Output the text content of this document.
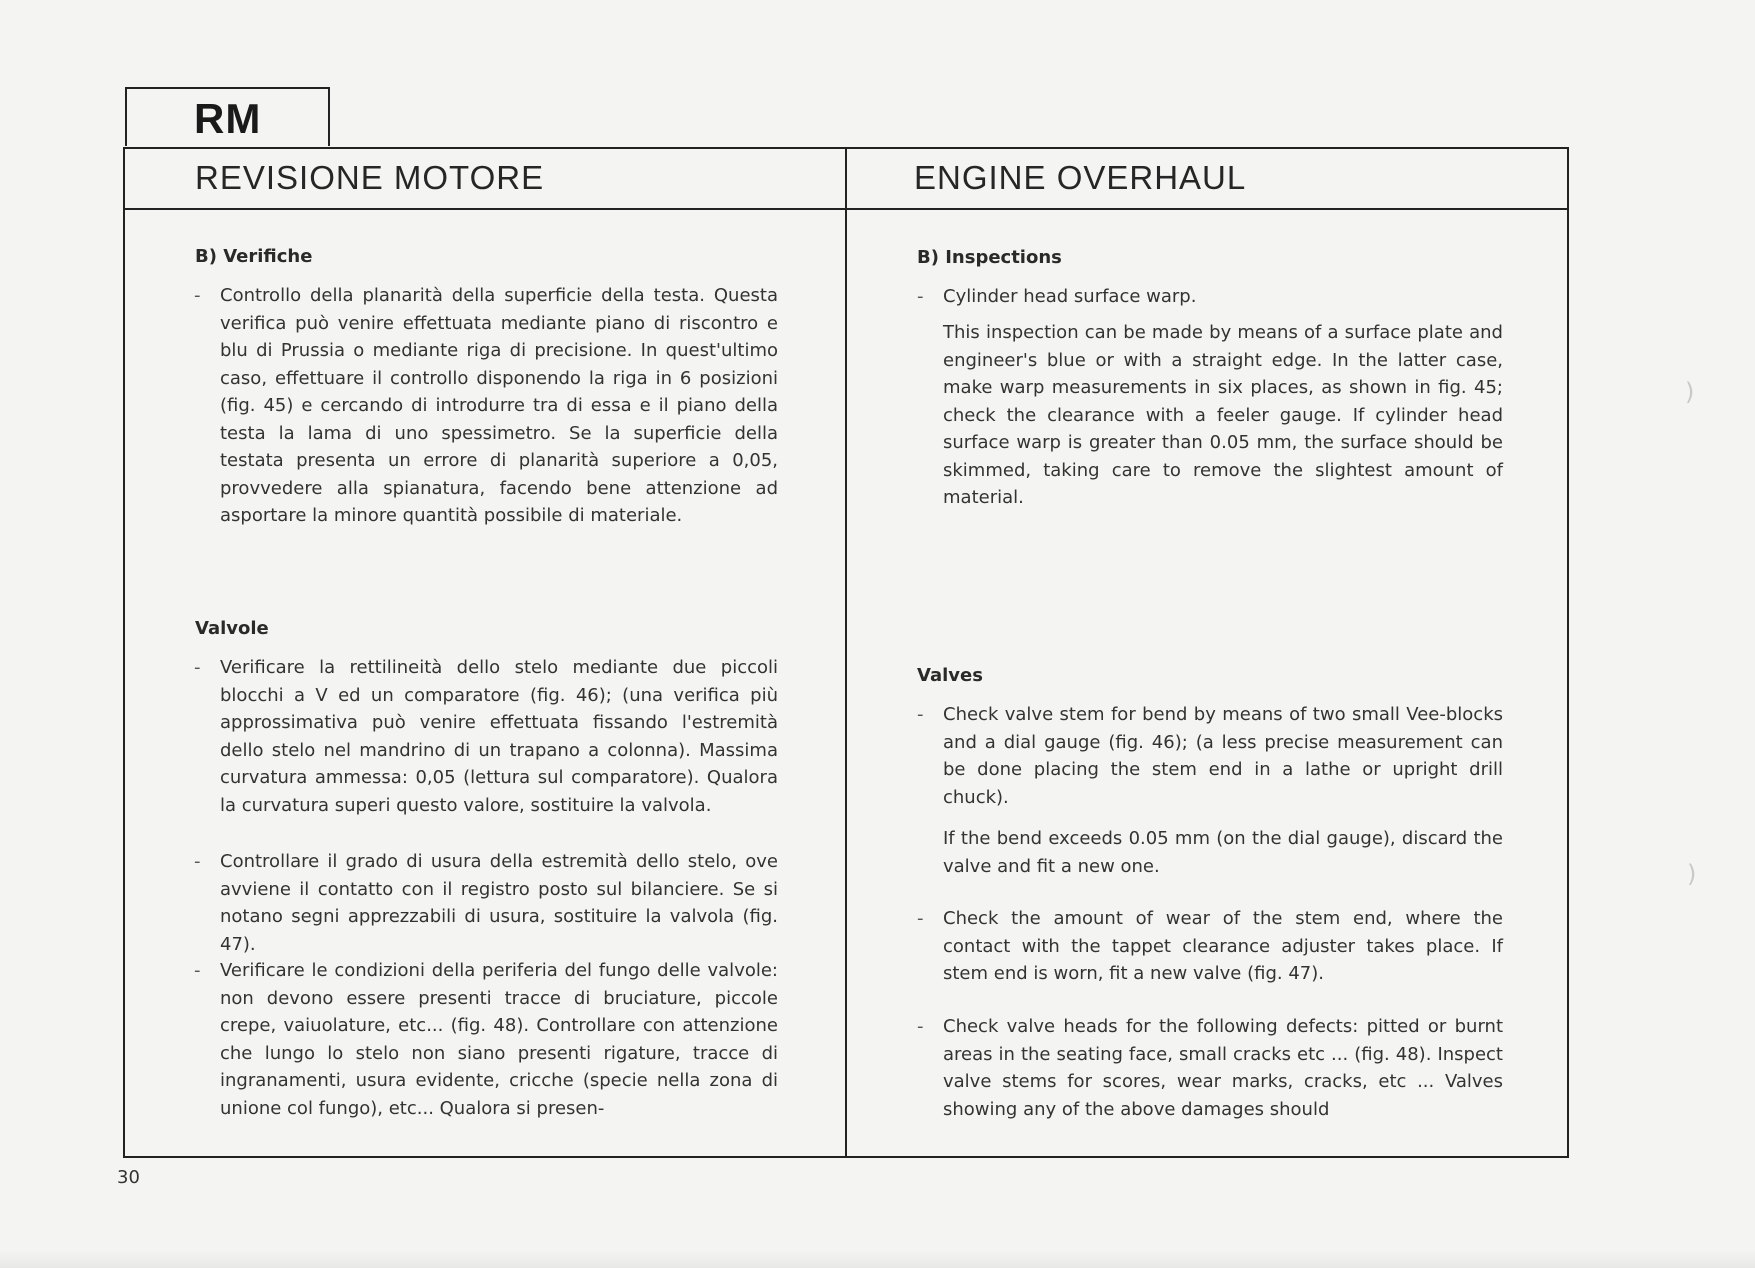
RM
REVISIONE MOTORE	ENGINE OVERHAUL
B) Verifiche
- Controllo della planarità della superficie della testa. Questa verifica può venire effettuata mediante piano di riscontro e blu di Prussia o mediante riga di precisione. In quest'ultimo caso, effettuare il controllo disponendo la riga in 6 posizioni (fig. 45) e cercando di introdurre tra di essa e il piano della testa la lama di uno spessimetro. Se la superficie della testata presenta un errore di planarità superiore a 0,05, provvedere alla spianatura, facendo bene attenzione ad asportare la minore quantità possibile di materiale.
Valvole
- Verificare la rettilineità dello stelo mediante due piccoli blocchi a V ed un comparatore (fig. 46); (una verifica più approssimativa può venire effettuata fissando l'estremità dello stelo nel mandrino di un trapano a colonna). Massima curvatura ammessa: 0,05 (lettura sul comparatore). Qualora la curvatura superi questo valore, sostituire la valvola.
- Controllare il grado di usura della estremità dello stelo, ove avviene il contatto con il registro posto sul bilanciere. Se si notano segni apprezzabili di usura, sostituire la valvola (fig. 47).
- Verificare le condizioni della periferia del fungo delle valvole: non devono essere presenti tracce di bruciature, piccole crepe, vaiuolature, etc... (fig. 48). Controllare con attenzione che lungo lo stelo non siano presenti rigature, tracce di ingranamenti, usura evidente, cricche (specie nella zona di unione col fungo), etc... Qualora si presen-
B) Inspections
- Cylinder head surface warp.
This inspection can be made by means of a surface plate and engineer's blue or with a straight edge. In the latter case, make warp measurements in six places, as shown in fig. 45; check the clearance with a feeler gauge. If cylinder head surface warp is greater than 0.05 mm, the surface should be skimmed, taking care to remove the slightest amount of material.
Valves
- Check valve stem for bend by means of two small Vee-blocks and a dial gauge (fig. 46); (a less precise measurement can be done placing the stem end in a lathe or upright drill chuck).
If the bend exceeds 0.05 mm (on the dial gauge), discard the valve and fit a new one.
- Check the amount of wear of the stem end, where the contact with the tappet clearance adjuster takes place. If stem end is worn, fit a new valve (fig. 47).
- Check valve heads for the following defects: pitted or burnt areas in the seating face, small cracks etc ... (fig. 48). Inspect valve stems for scores, wear marks, cracks, etc ... Valves showing any of the above damages should
30
)
)
